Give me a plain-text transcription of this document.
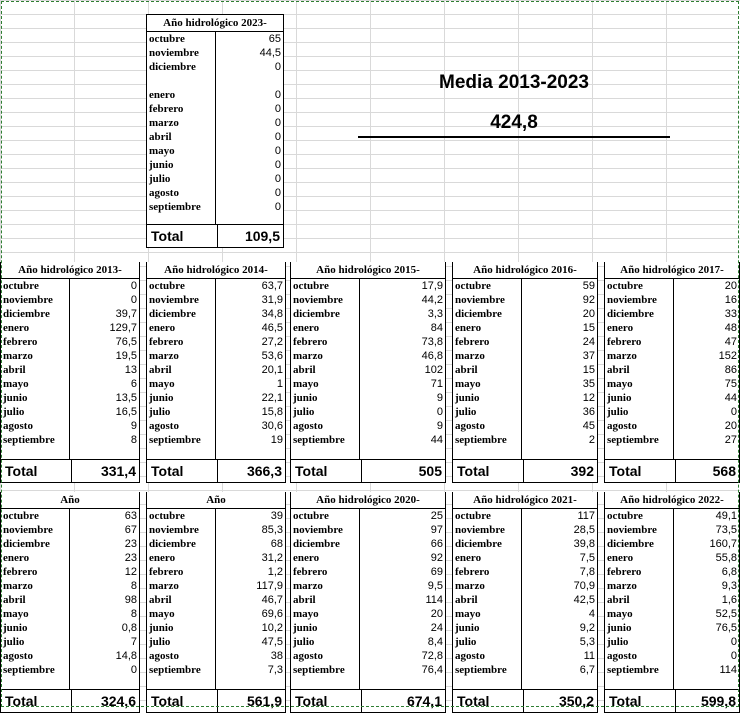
Año hidrológico 2023-
octubre	65
noviembre	44,5
diciembre	0
enero	0
febrero	0
marzo	0
abril	0
mayo	0
junio	0
julio	0
agosto	0
septiembre	0
Total	109,5
Media 2013-2023
424,8
Año hidrológico 2013-
octubre	0
noviembre	0
diciembre	39,7
enero	129,7
febrero	76,5
marzo	19,5
abril	13
mayo	6
junio	13,5
julio	16,5
agosto	9
septiembre	8
Total	331,4
Año hidrológico 2014-
octubre	63,7
noviembre	31,9
diciembre	34,8
enero	46,5
febrero	27,2
marzo	53,6
abril	20,1
mayo	1
junio	22,1
julio	15,8
agosto	30,6
septiembre	19
Total	366,3
Año hidrológico 2015-
octubre	17,9
noviembre	44,2
diciembre	3,3
enero	84
febrero	73,8
marzo	46,8
abril	102
mayo	71
junio	9
julio	0
agosto	9
septiembre	44
Total	505
Año hidrológico 2016-
octubre	59
noviembre	92
diciembre	20
enero	15
febrero	24
marzo	37
abril	15
mayo	35
junio	12
julio	36
agosto	45
septiembre	2
Total	392
Año hidrológico 2017-
octubre	20
noviembre	16
diciembre	33
enero	48
febrero	47
marzo	152
abril	86
mayo	75
junio	44
julio	0
agosto	20
septiembre	27
Total	568
Año
octubre	63
noviembre	67
diciembre	23
enero	23
febrero	12
marzo	8
abril	98
mayo	8
junio	0,8
julio	7
agosto	14,8
septiembre	0
Total	324,6
Año
octubre	39
noviembre	85,3
diciembre	68
enero	31,2
febrero	1,2
marzo	117,9
abril	46,7
mayo	69,6
junio	10,2
julio	47,5
agosto	38
septiembre	7,3
Total	561,9
Año hidrológico 2020-
octubre	25
noviembre	97
diciembre	66
enero	92
febrero	69
marzo	9,5
abril	114
mayo	20
junio	24
julio	8,4
agosto	72,8
septiembre	76,4
Total	674,1
Año hidrológico 2021-
octubre	117
noviembre	28,5
diciembre	39,8
enero	7,5
febrero	7,8
marzo	70,9
abril	42,5
mayo	4
junio	9,2
julio	5,3
agosto	11
septiembre	6,7
Total	350,2
Año hidrológico 2022-
octubre	49,1
noviembre	73,5
diciembre	160,7
enero	55,8
febrero	6,8
marzo	9,3
abril	1,6
mayo	52,5
junio	76,5
julio	0
agosto	0
septiembre	114
Total	599,8
